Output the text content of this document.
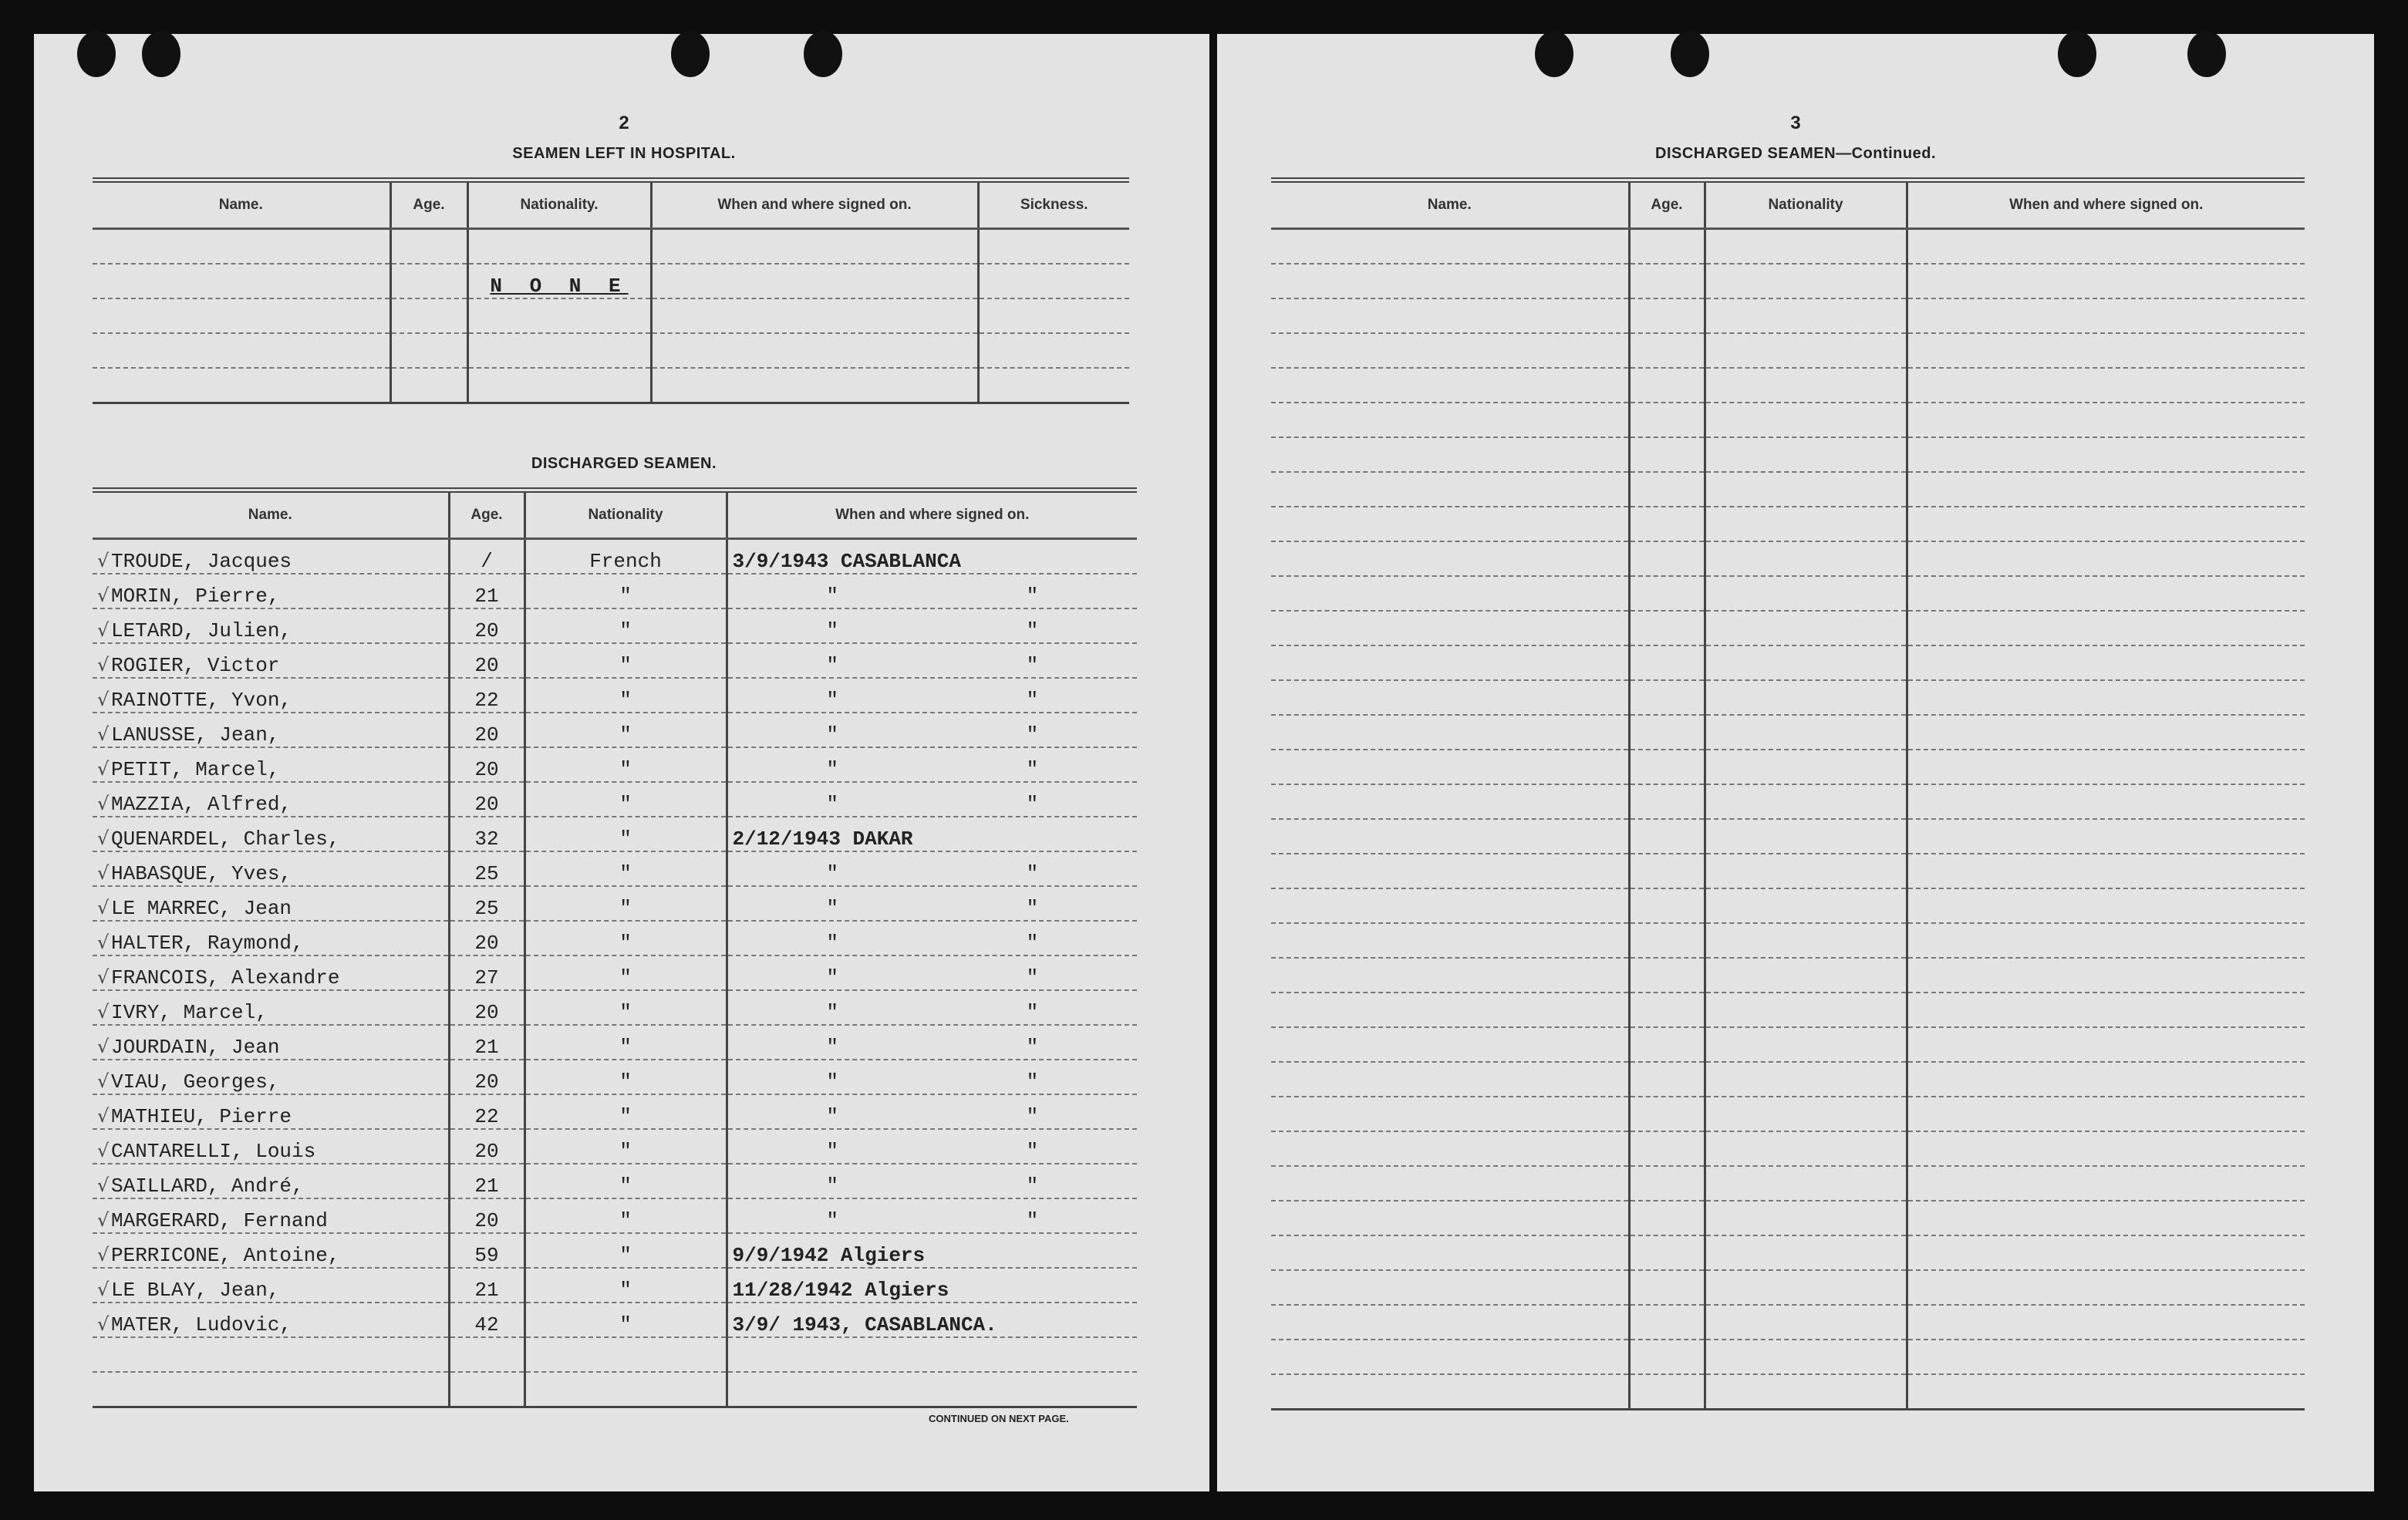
2
SEAMEN LEFT IN HOSPITAL.
Name.	Age.	Nationality.	When and where signed on.	Sickness.

		N O N E		

DISCHARGED SEAMEN.
Name.	Age.	Nationality	When and where signed on.
√ TROUDE, Jacques	/	French	3/9/1943 CASABLANCA
√ MORIN, Pierre,	21	"	" "
√ LETARD, Julien,	20	"	" "
√ ROGIER, Victor	20	"	" "
√ RAINOTTE, Yvon,	22	"	" "
√ LANUSSE, Jean,	20	"	" "
√ PETIT, Marcel,	20	"	" "
√ MAZZIA, Alfred,	20	"	" "
√ QUENARDEL, Charles,	32	"	2/12/1943 DAKAR
√ HABASQUE, Yves,	25	"	" "
√ LE MARREC, Jean	25	"	" "
√ HALTER, Raymond,	20	"	" "
√ FRANCOIS, Alexandre	27	"	" "
√ IVRY, Marcel,	20	"	" "
√ JOURDAIN, Jean	21	"	" "
√ VIAU, Georges,	20	"	" "
√ MATHIEU, Pierre	22	"	" "
√ CANTARELLI, Louis	20	"	" "
√ SAILLARD, André,	21	"	" "
√ MARGERARD, Fernand	20	"	" "
√ PERRICONE, Antoine,	59	"	9/9/1942 Algiers
√ LE BLAY, Jean,	21	"	11/28/1942 Algiers
√ MATER, Ludovic,	42	"	3/9/ 1943, CASABLANCA.

CONTINUED ON NEXT PAGE.
3
DISCHARGED SEAMEN—Continued.
Name.	Age.	Nationality	When and where signed on.
